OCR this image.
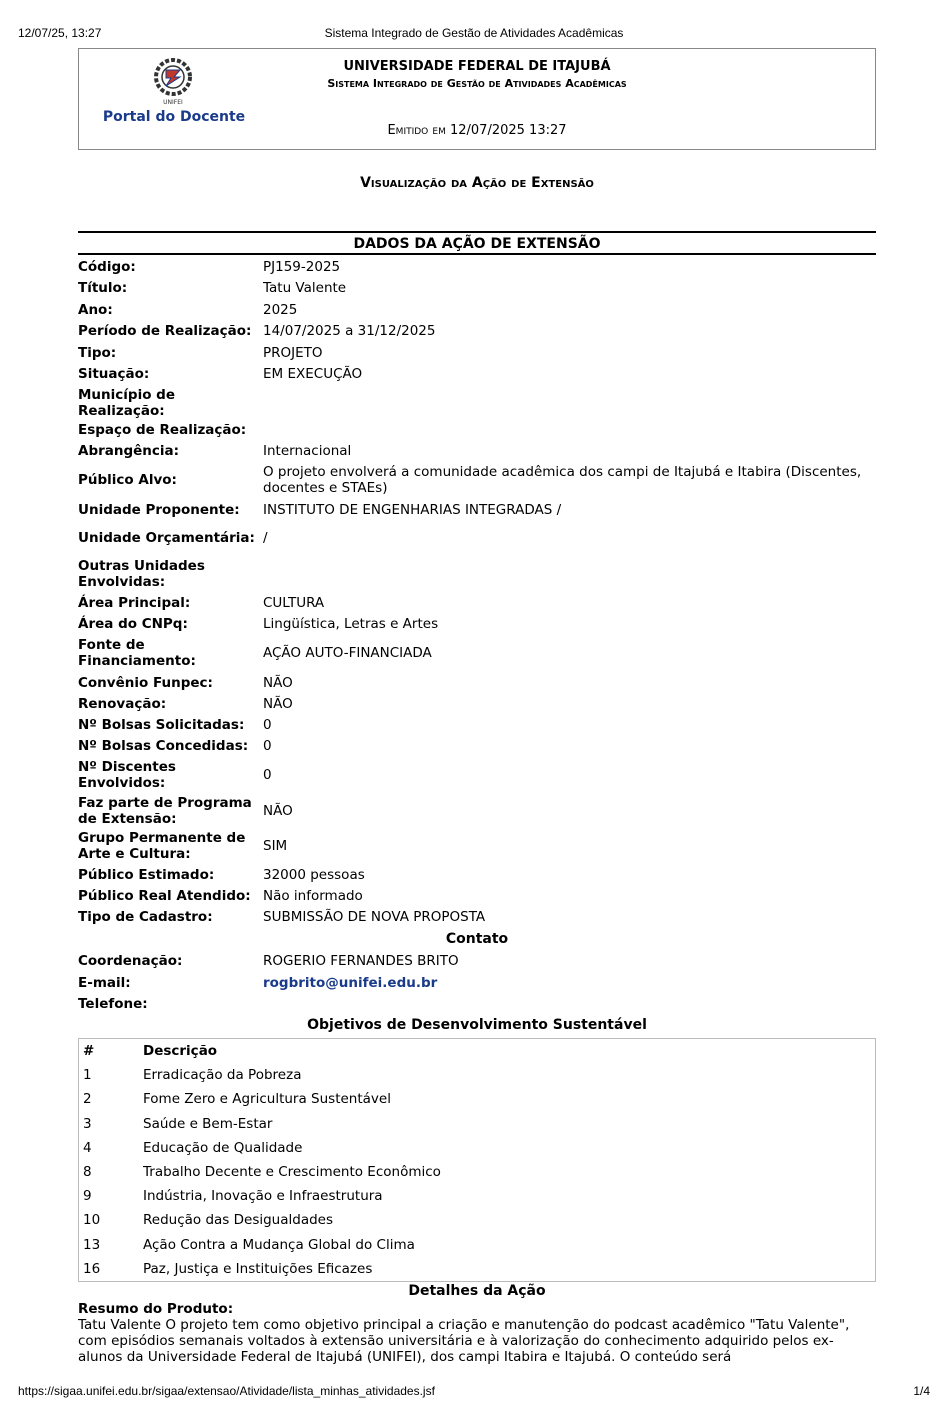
12/07/25, 13:27	Sistema Integrado de Gestão de Atividades Acadêmicas
UNIFEI
Portal do Docente
UNIVERSIDADE FEDERAL DE ITAJUBÁ
Sistema Integrado de Gestão de Atividades Acadêmicas
Emitido em 12/07/2025 13:27
Visualização da Ação de Extensão
DADOS DA AÇÃO DE EXTENSÃO
Código:	PJ159-2025
Título:	Tatu Valente
Ano:	2025
Período de Realização: 14/07/2025 a 31/12/2025
Tipo:	PROJETO
Situação:	EM EXECUÇÃO
Município de Realização:
Espaço de Realização:
Abrangência:	Internacional
Público Alvo:	O projeto envolverá a comunidade acadêmica dos campi de Itajubá e Itabira (Discentes, docentes e STAEs)
Unidade Proponente:	INSTITUTO DE ENGENHARIAS INTEGRADAS /
Unidade Orçamentária: /
Outras Unidades Envolvidas:
Área Principal:	CULTURA
Área do CNPq:	Lingüística, Letras e Artes
Fonte de Financiamento:	AÇÃO AUTO-FINANCIADA
Convênio Funpec:	NÃO
Renovação:	NÃO
Nº Bolsas Solicitadas:	0
Nº Bolsas Concedidas:	0
Nº Discentes Envolvidos:	0
Faz parte de Programa de Extensão:	NÃO
Grupo Permanente de Arte e Cultura:	SIM
Público Estimado:	32000 pessoas
Público Real Atendido: Não informado
Tipo de Cadastro:	SUBMISSÃO DE NOVA PROPOSTA
Contato
Coordenação:	ROGERIO FERNANDES BRITO
E-mail:	rogbrito@unifei.edu.br
Telefone:
Objetivos de Desenvolvimento Sustentável
#	Descrição
1	Erradicação da Pobreza
2	Fome Zero e Agricultura Sustentável
3	Saúde e Bem-Estar
4	Educação de Qualidade
8	Trabalho Decente e Crescimento Econômico
9	Indústria, Inovação e Infraestrutura
10	Redução das Desigualdades
13	Ação Contra a Mudança Global do Clima
16	Paz, Justiça e Instituições Eficazes
Detalhes da Ação
Resumo do Produto:
Tatu Valente O projeto tem como objetivo principal a criação e manutenção do podcast acadêmico "Tatu Valente", com episódios semanais voltados à extensão universitária e à valorização do conhecimento adquirido pelos ex-alunos da Universidade Federal de Itajubá (UNIFEI), dos campi Itabira e Itajubá. O conteúdo será
https://sigaa.unifei.edu.br/sigaa/extensao/Atividade/lista_minhas_atividades.jsf	1/4
